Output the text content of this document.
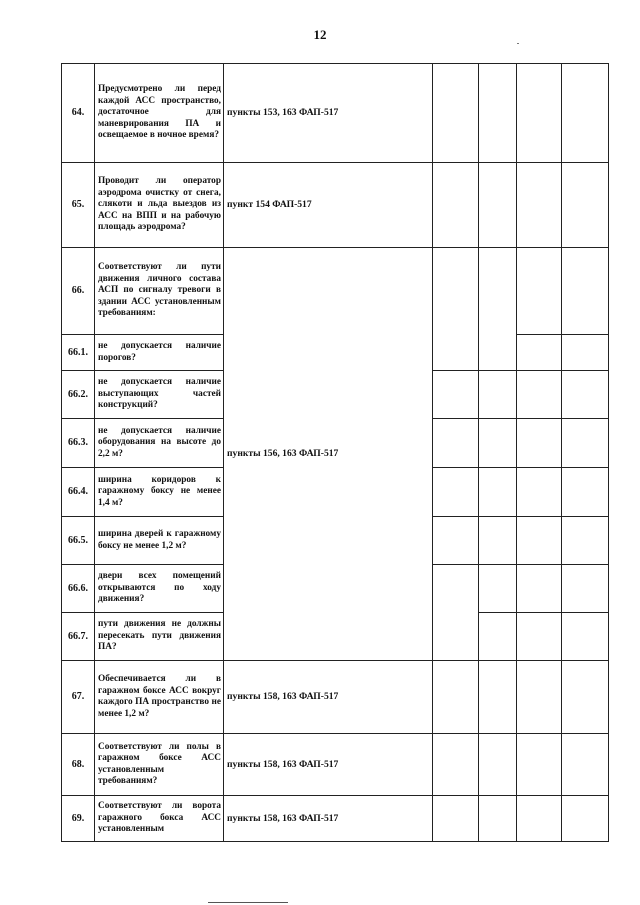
12
64.	Предусмотрено ли перед каждой АСС пространство, достаточное для маневрирования ПА и освещаемое в ночное время?	пункты 153, 163 ФАП-517				
65.	Проводит ли оператор аэродрома очистку от снега, слякоти и льда выездов из АСС на ВПП и на рабочую площадь аэродрома?	пункт 154 ФАП-517				
66.	Соответствуют ли пути движения личного состава АСП по сигналу тревоги в здании АСС установленным требованиям:	пункты 156, 163 ФАП-517				
66.1.	не допускается наличие порогов?					
66.2.	не допускается наличие выступающих частей конструкций?					
66.3.	не допускается наличие оборудования на высоте до 2,2 м?					
66.4.	ширина коридоров к гаражному боксу не менее 1,4 м?					
66.5.	ширина дверей к гаражному боксу не менее 1,2 м?					
66.6.	двери всех помещений открываются по ходу движения?					
66.7.	пути движения не должны пересекать пути движения ПА?					
67.	Обеспечивается ли в гаражном боксе АСС вокруг каждого ПА пространство не менее 1,2 м?	пункты 158, 163 ФАП-517				
68.	Соответствуют ли полы в гаражном боксе АСС установленным требованиям?	пункты 158, 163 ФАП-517				
69.	Соответствуют ли ворота гаражного бокса АСС установленным	пункты 158, 163 ФАП-517				
